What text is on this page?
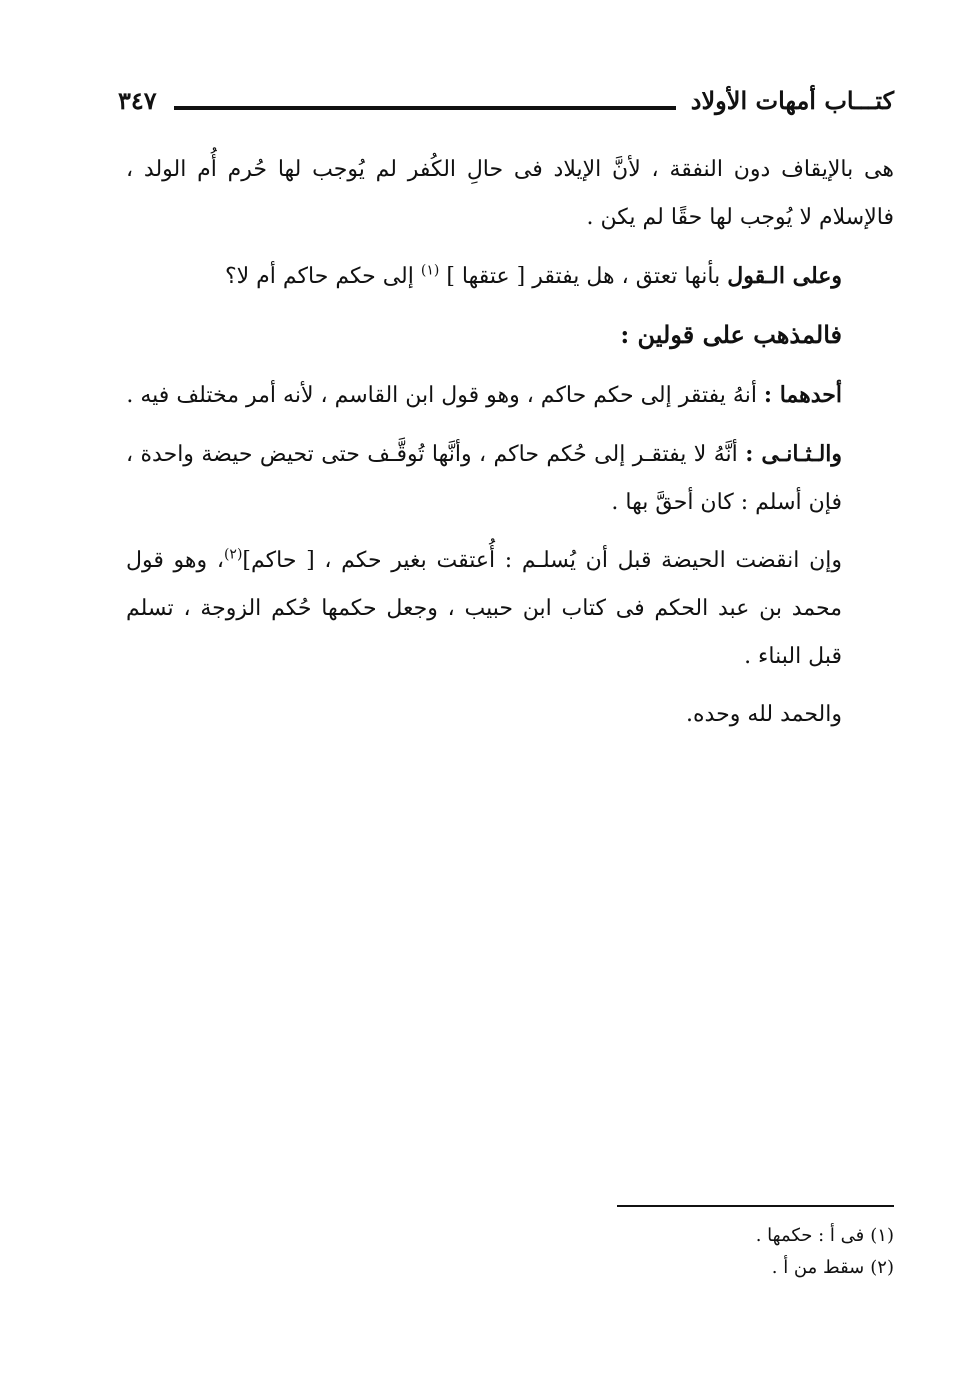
كتـــاب أمهات الأولاد
٣٤٧

هى بالإيقاف دون النفقة ، لأنَّ الإيلاد فى حالِ الكُفر لم يُوجب لها حُرم أُم الولد ، فالإسلام لا يُوجب لها حقًا لم يكن .

وعلى الـقول بأنها تعتق ، هل يفتقر [ عتقها ] $^{(١)}$ إلى حكم حاكم أم لا؟

فالمذهب على قولين :

أحدهما : أنهُ يفتقر إلى حكم حاكم ، وهو قول ابن القاسم ، لأنه أمر مختلف فيه .

والـثـانـى : أنَّهُ لا يفتقـر إلى حُكم حاكم ، وأنَّها تُوقَّـف حتى تحيض حيضة واحدة ، فإن أسلم : كان أحقَّ بها .

وإن انقضت الحيضة قبل أن يُسلـم : أُعتقت بغير حكم ، [ حاكم]$^{(٢)}$، وهو قول محمد بن عبد الحكم فى كتاب ابن حبيب ، وجعل حكمها حُكم الزوجة ، تسلم قبل البناء .

والحمد لله وحده.

(١)فى أ : حكمها .
(٢)سقط من أ .
